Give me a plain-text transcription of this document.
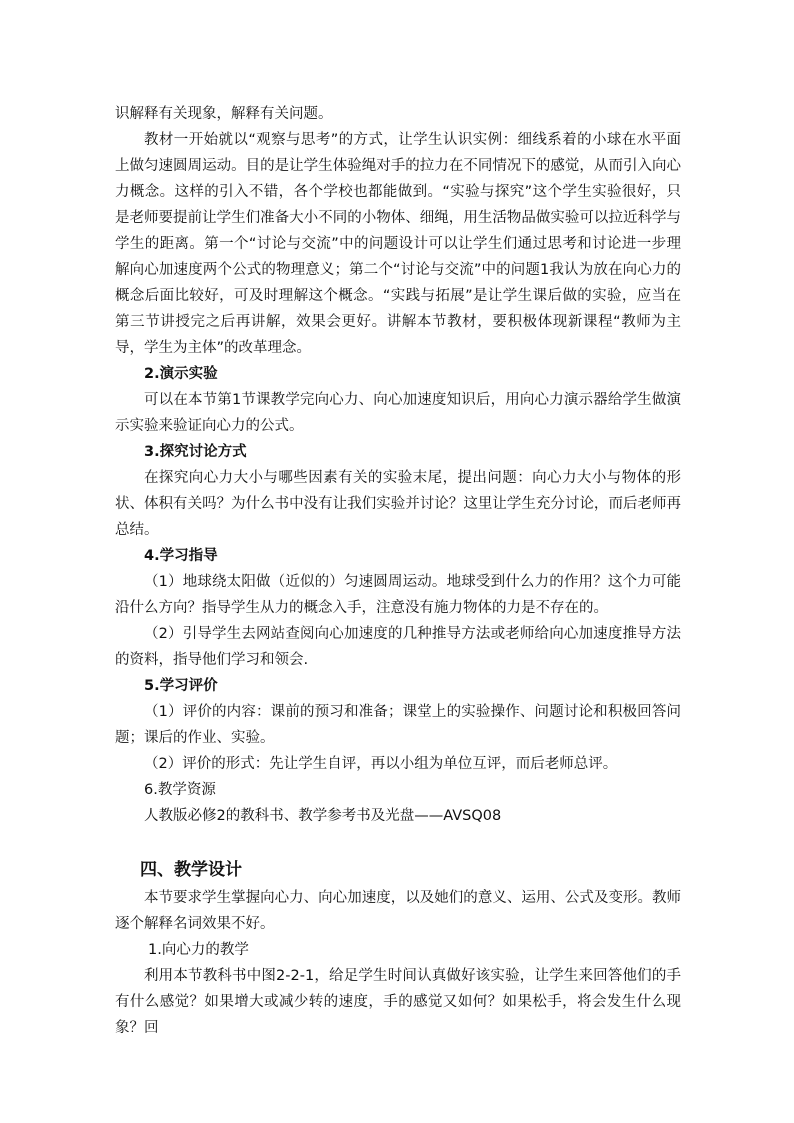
识解释有关现象，解释有关问题。

教材一开始就以“观察与思考”的方式，让学生认识实例：细线系着的小球在水平面上做匀速圆周运动。目的是让学生体验绳对手的拉力在不同情况下的感觉，从而引入向心力概念。这样的引入不错，各个学校也都能做到。“实验与探究”这个学生实验很好，只是老师要提前让学生们准备大小不同的小物体、细绳，用生活物品做实验可以拉近科学与学生的距离。第一个“讨论与交流”中的问题设计可以让学生们通过思考和讨论进一步理解向心加速度两个公式的物理意义；第二个“讨论与交流”中的问题1我认为放在向心力的概念后面比较好，可及时理解这个概念。“实践与拓展”是让学生课后做的实验，应当在第三节讲授完之后再讲解，效果会更好。讲解本节教材，要积极体现新课程“教师为主导，学生为主体”的改革理念。

2.演示实验

可以在本节第1节课教学完向心力、向心加速度知识后，用向心力演示器给学生做演示实验来验证向心力的公式。

3.探究讨论方式

在探究向心力大小与哪些因素有关的实验末尾，提出问题：向心力大小与物体的形状、体积有关吗？为什么书中没有让我们实验并讨论？这里让学生充分讨论，而后老师再总结。

4.学习指导

（1）地球绕太阳做（近似的）匀速圆周运动。地球受到什么力的作用？这个力可能沿什么方向？指导学生从力的概念入手，注意没有施力物体的力是不存在的。

（2）引导学生去网站查阅向心加速度的几种推导方法或老师给向心加速度推导方法的资料，指导他们学习和领会.

5.学习评价

（1）评价的内容：课前的预习和准备；课堂上的实验操作、问题讨论和积极回答问题；课后的作业、实验。

（2）评价的形式：先让学生自评，再以小组为单位互评，而后老师总评。

6.教学资源

人教版必修2的教科书、教学参考书及光盘——AVSQ08

四、教学设计

本节要求学生掌握向心力、向心加速度，以及她们的意义、运用、公式及变形。教师逐个解释名词效果不好。

1.向心力的教学

利用本节教科书中图2-2-1，给足学生时间认真做好该实验，让学生来回答他们的手有什么感觉？如果增大或减少转的速度，手的感觉又如何？如果松手，将会发生什么现象？回
